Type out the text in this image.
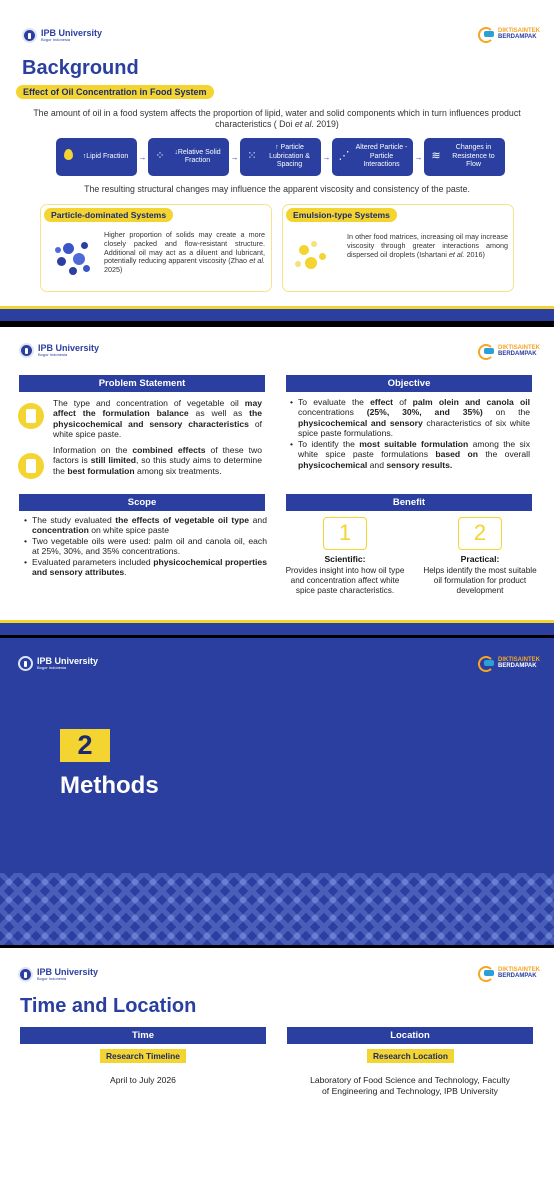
IPB University
Bogor Indonesia
DIKTISAINTEK
BERDAMPAK
Background
Effect of Oil Concentration in Food System
The amount of oil in a food system affects the proportion of lipid, water and solid components which in turn influences product characteristics ( Doi et al. 2019)
↑Lipid Fraction	→ ⁘	↓Relative Solid Fraction	→ ⁙
↑ Particle Lubrication & Spacing
→ ⋰
Altered Particle - Particle Interactions
→ ≋
Changes in Resistence to Flow
The resulting structural changes may influence the apparent viscosity and consistency of the paste.
Particle-dominated Systems
Higher proportion of solids may create a more closely packed and flow-resistant structure. Additional oil may act as a diluent and lubricant, potentially reducing apparent viscosity (Zhao et al. 2025)
Emulsion-type Systems
In other food matrices, increasing oil may increase viscosity through greater interactions among dispersed oil droplets (Ishartani et al. 2016)
IPB University
Bogor Indonesia
DIKTISAINTEK
BERDAMPAK
Problem Statement
The type and concentration of vegetable oil may affect the formulation balance as well as the physicochemical and sensory characteristics of white spice paste.
Information on the combined effects of these two factors is still limited, so this study aims to determine the best formulation among six treatments.
Objective
• To evaluate the effect of palm olein and canola oil concentrations (25%, 30%, and 35%) on the physicochemical and sensory characteristics of six white spice paste formulations.
• To identify the most suitable formulation among the six white spice paste formulations based on the overall physicochemical and sensory results.
Scope
• The study evaluated the effects of vegetable oil type and concentration on white spice paste
• Two vegetable oils were used: palm oil and canola oil, each at 25%, 30%, and 35% concentrations.
• Evaluated parameters included physicochemical properties and sensory attributes.
Benefit
1
Scientific:
Provides insight into how oil type and concentration affect white spice paste characteristics.
2
Practical:
Helps identify the most suitable oil formulation for product development
IPB University
Bogor Indonesia
DIKTISAINTEK
BERDAMPAK
2
Methods
IPB University
Bogor Indonesia
DIKTISAINTEK
BERDAMPAK
Time and Location
Time
Research Timeline
April to July 2026
Location
Research Location
Laboratory of Food Science and Technology, Faculty of Engineering and Technology, IPB University
